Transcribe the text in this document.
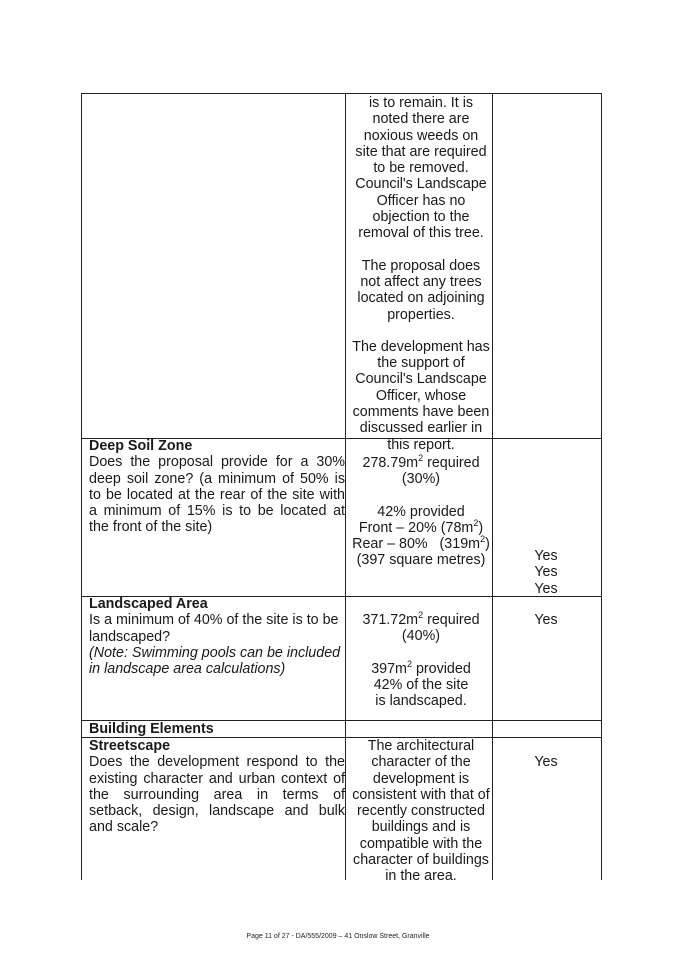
is to remain. It is noted there are noxious weeds on site that are required to be removed. Council's Landscape Officer has no objection to the removal of this tree.

The proposal does not affect any trees located on adjoining properties.

The development has the support of Council's Landscape Officer, whose comments have been discussed earlier in this report.

Deep Soil Zone

Does the proposal provide for a 30% deep soil zone? (a minimum of 50% is to be located at the rear of the site with a minimum of 15% is to be located at the front of the site)

$278.79m^2$ required
(30%)
42% provided
Front – 20% $(78m^2)$
Rear – 80%   $(319m^2)$
(397 square metres)	Yes
Yes
Yes
Landscaped Area

Is a minimum of 40% of the site is to be landscaped?

(Note: Swimming pools can be included in landscape area calculations)

$371.72m^2$ required
(40%)
$397m^2$ provided
42% of the site is landscaped.
Yes
Building Elements
Streetscape

Does the development respond to the existing character and urban context of the surrounding area in terms of setback, design, landscape and bulk and scale?

The architectural character of the development is consistent with that of recently constructed buildings and is compatible with the character of buildings in the area.

Yes
Page 11 of 27 - DA/555/2009 – 41 Onslow Street, Granville
